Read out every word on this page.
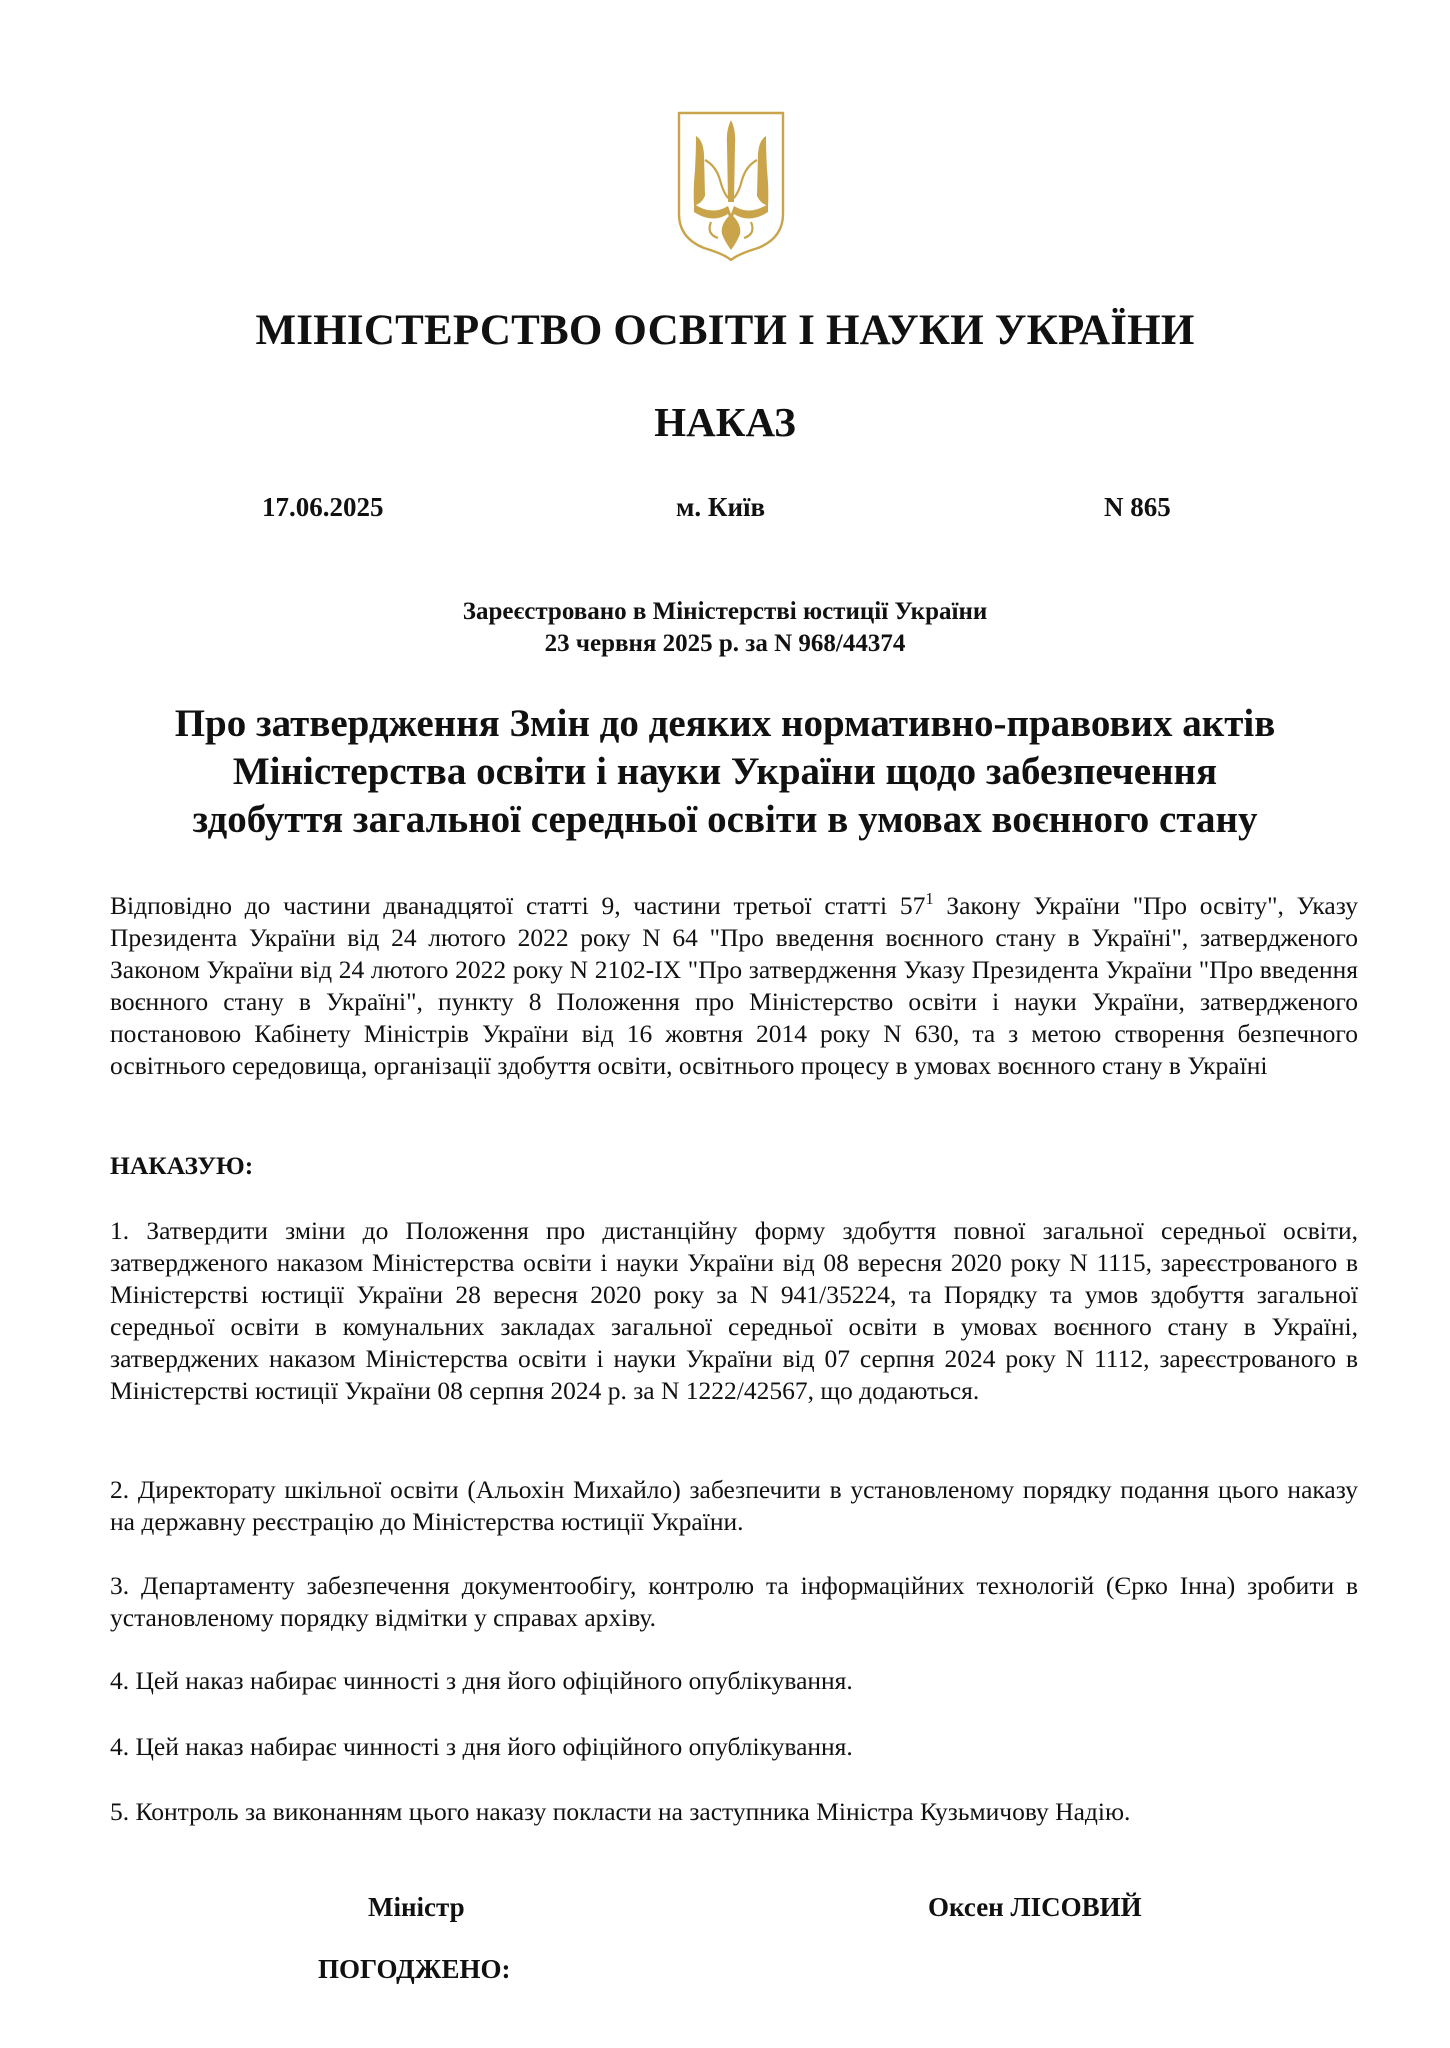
МІНІСТЕРСТВО ОСВІТИ І НАУКИ УКРАЇНИ
НАКАЗ
17.06.2025	м. Київ	N 865
Зареєстровано в Міністерстві юстиції України
23 червня 2025 р. за N 968/44374
Про затвердження Змін до деяких нормативно-правових актів
Міністерства освіти і науки України щодо забезпечення
здобуття загальної середньої освіти в умовах воєнного стану
Відповідно до частини дванадцятої статті 9, частини третьої статті $57^1$ Закону України "Про освіту", Указу Президента України від 24 лютого 2022 року N 64 "Про введення воєнного стану в Україні", затвердженого Законом України від 24 лютого 2022 року N 2102-IX "Про затвердження Указу Президента України "Про введення воєнного стану в Україні", пункту 8 Положення про Міністерство освіти і науки України, затвердженого постановою Кабінету Міністрів України від 16 жовтня 2014 року N 630, та з метою створення безпечного освітнього середовища, організації здобуття освіти, освітнього процесу в умовах воєнного стану в Україні
НАКАЗУЮ:
1. Затвердити зміни до Положення про дистанційну форму здобуття повної загальної середньої освіти, затвердженого наказом Міністерства освіти і науки України від 08 вересня 2020 року N 1115, зареєстрованого в Міністерстві юстиції України 28 вересня 2020 року за N 941/35224, та Порядку та умов здобуття загальної середньої освіти в комунальних закладах загальної середньої освіти в умовах воєнного стану в Україні, затверджених наказом Міністерства освіти і науки України від 07 серпня 2024 року N 1112, зареєстрованого в Міністерстві юстиції України 08 серпня 2024 р. за N 1222/42567, що додаються.
2. Директорату шкільної освіти (Альохін Михайло) забезпечити в установленому порядку подання цього наказу на державну реєстрацію до Міністерства юстиції України.
3. Департаменту забезпечення документообігу, контролю та інформаційних технологій (Єрко Інна) зробити в установленому порядку відмітки у справах архіву.
4. Цей наказ набирає чинності з дня його офіційного опублікування.
4. Цей наказ набирає чинності з дня його офіційного опублікування.
5. Контроль за виконанням цього наказу покласти на заступника Міністра Кузьмичову Надію.
Міністр	Оксен ЛІСОВИЙ
ПОГОДЖЕНО:
